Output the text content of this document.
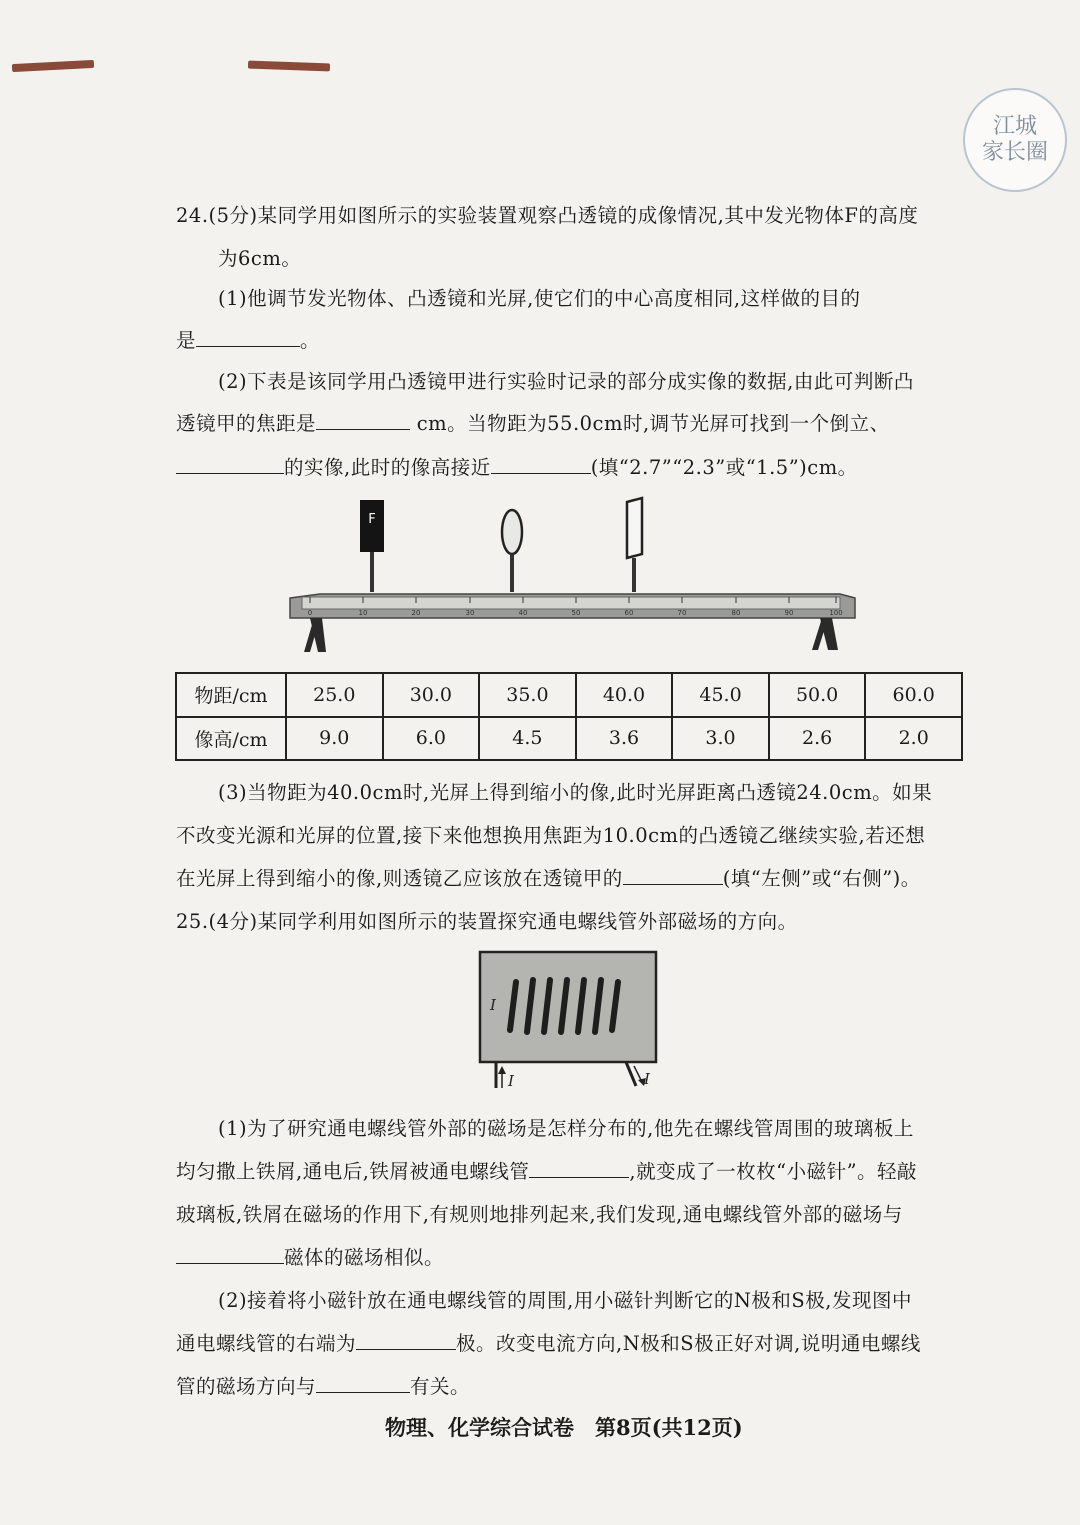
江城
家长圈
24.(5分)某同学用如图所示的实验装置观察凸透镜的成像情况,其中发光物体F的高度
为6cm。
(1)他调节发光物体、凸透镜和光屏,使它们的中心高度相同,这样做的目的
是	。
(2)下表是该同学用凸透镜甲进行实验时记录的部分成实像的数据,由此可判断凸
透镜甲的焦距是	cm。当物距为55.0cm时,调节光屏可找到一个倒立、
的实像,此时的像高接近	(填“2.7”“2.3”或“1.5”)cm。
F
0	10	20	30	40	50	60	70	80	90	100
物距/cm	25.0	30.0	35.0	40.0	45.0	50.0	60.0
像高/cm	9.0	6.0	4.5	3.6	3.0	2.6	2.0
(3)当物距为40.0cm时,光屏上得到缩小的像,此时光屏距离凸透镜24.0cm。如果
不改变光源和光屏的位置,接下来他想换用焦距为10.0cm的凸透镜乙继续实验,若还想
在光屏上得到缩小的像,则透镜乙应该放在透镜甲的	(填“左侧”或“右侧”)。
25.(4分)某同学利用如图所示的装置探究通电螺线管外部磁场的方向。
I
I	I
(1)为了研究通电螺线管外部的磁场是怎样分布的,他先在螺线管周围的玻璃板上
均匀撒上铁屑,通电后,铁屑被通电螺线管	,就变成了一枚枚“小磁针”。轻敲
玻璃板,铁屑在磁场的作用下,有规则地排列起来,我们发现,通电螺线管外部的磁场与
磁体的磁场相似。
(2)接着将小磁针放在通电螺线管的周围,用小磁针判断它的N极和S极,发现图中
通电螺线管的右端为	极。改变电流方向,N极和S极正好对调,说明通电螺线
管的磁场方向与	有关。
物理、化学综合试卷　第8页(共12页)
